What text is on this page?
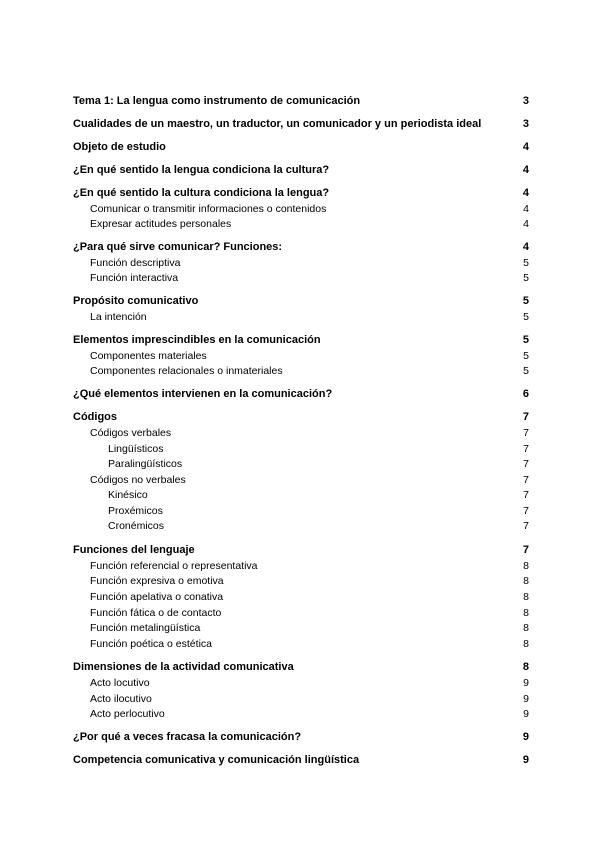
Tema 1: La lengua como instrumento de comunicación	3
Cualidades de un maestro, un traductor, un comunicador y un periodista ideal	3
Objeto de estudio	4
¿En qué sentido la lengua condiciona la cultura?	4
¿En qué sentido la cultura condiciona la lengua?	4
Comunicar o transmitir informaciones o contenidos	4
Expresar actitudes personales	4
¿Para qué sirve comunicar? Funciones:	4
Función descriptiva	5
Función interactiva	5
Propósito comunicativo	5
La intención	5
Elementos imprescindibles en la comunicación	5
Componentes materiales	5
Componentes relacionales o inmateriales	5
¿Qué elementos intervienen en la comunicación?	6
Códigos	7
Códigos verbales	7
Lingüísticos	7
Paralingüísticos	7
Códigos no verbales	7
Kinésico	7
Proxémicos	7
Cronémicos	7
Funciones del lenguaje	7
Función referencial o representativa	8
Función expresiva o emotiva	8
Función apelativa o conativa	8
Función fática o de contacto	8
Función metalingüística	8
Función poética o estética	8
Dimensiones de la actividad comunicativa	8
Acto locutivo	9
Acto ilocutivo	9
Acto perlocutivo	9
¿Por qué a veces fracasa la comunicación?	9
Competencia comunicativa y comunicación lingüística	9
